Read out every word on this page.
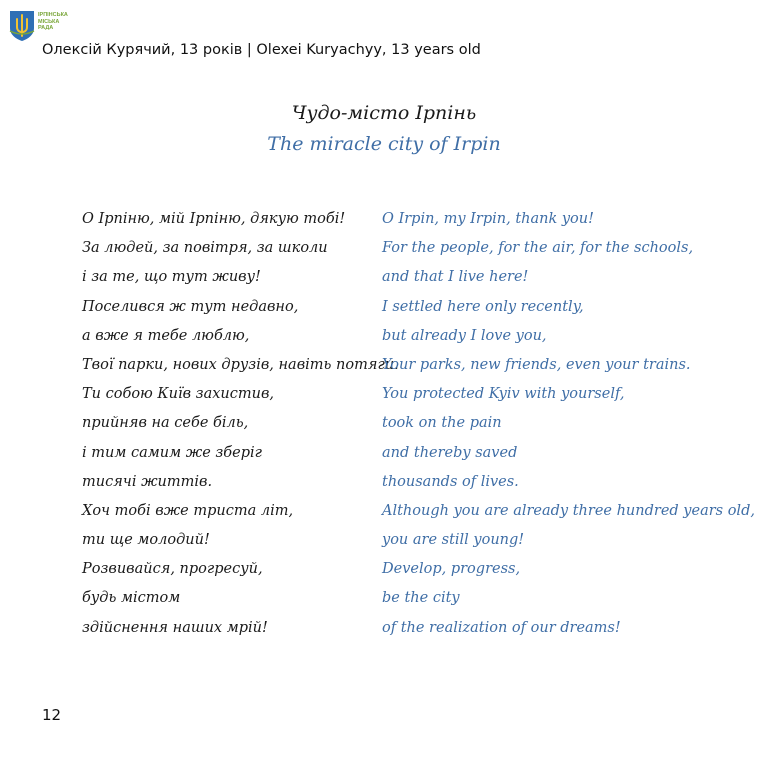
ІРПІНСЬКА
МІСЬКА
РАДА
Олексій Курячий, 13 років | Olexei Kuryachyy, 13 years old
Чудо-місто Ірпінь
The miracle city of Irpin
О Ірпіню, мій Ірпіню, дякую тобі!
За людей, за повітря, за школи
і за те, що тут живу!
Поселився ж тут недавно,
а вже я тебе люблю,
Твої парки, нових друзів, навіть потяги.
Ти собою Київ захистив,
прийняв на себе біль,
і тим самим же зберіг
тисячі життів.
Хоч тобі вже триста літ,
ти ще молодий!
Розвивайся, прогресуй,
будь містом
здійснення наших мрій!
O Irpin, my Irpin, thank you!
For the people, for the air, for the schools,
and that I live here!
I settled here only recently,
but already I love you,
Your parks, new friends, even your trains.
You protected Kyiv with yourself,
took on the pain
and thereby saved
thousands of lives.
Although you are already three hundred years old,
you are still young!
Develop, progress,
be the city
of the realization of our dreams!
12
